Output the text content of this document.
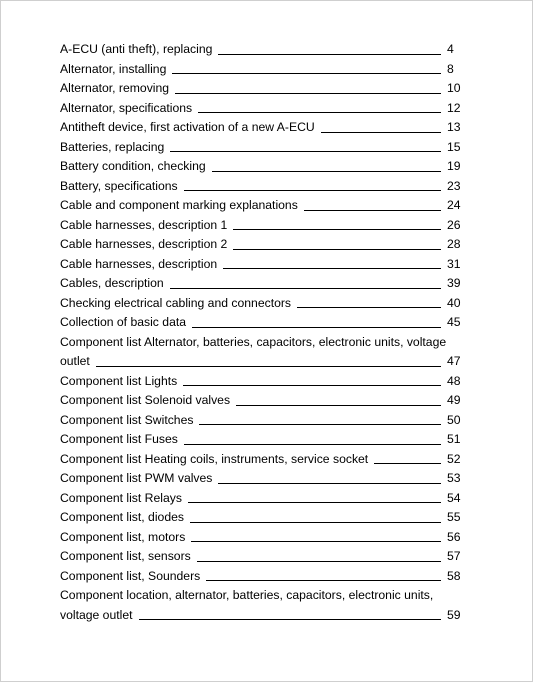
A-ECU (anti theft), replacing	4
Alternator, installing	8
Alternator, removing	10
Alternator, specifications	12
Antitheft device, first activation of a new A-ECU	13
Batteries, replacing	15
Battery condition, checking	19
Battery, specifications	23
Cable and component marking explanations	24
Cable harnesses, description 1	26
Cable harnesses, description 2	28
Cable harnesses, description	31
Cables, description	39
Checking electrical cabling and connectors	40
Collection of basic data	45
Component list Alternator, batteries, capacitors, electronic units, voltage
outlet	47
Component list Lights	48
Component list Solenoid valves	49
Component list Switches	50
Component list Fuses	51
Component list Heating coils, instruments, service socket	52
Component list PWM valves	53
Component list Relays	54
Component list, diodes	55
Component list, motors	56
Component list, sensors	57
Component list, Sounders	58
Component location, alternator, batteries, capacitors, electronic units,
voltage outlet	59
